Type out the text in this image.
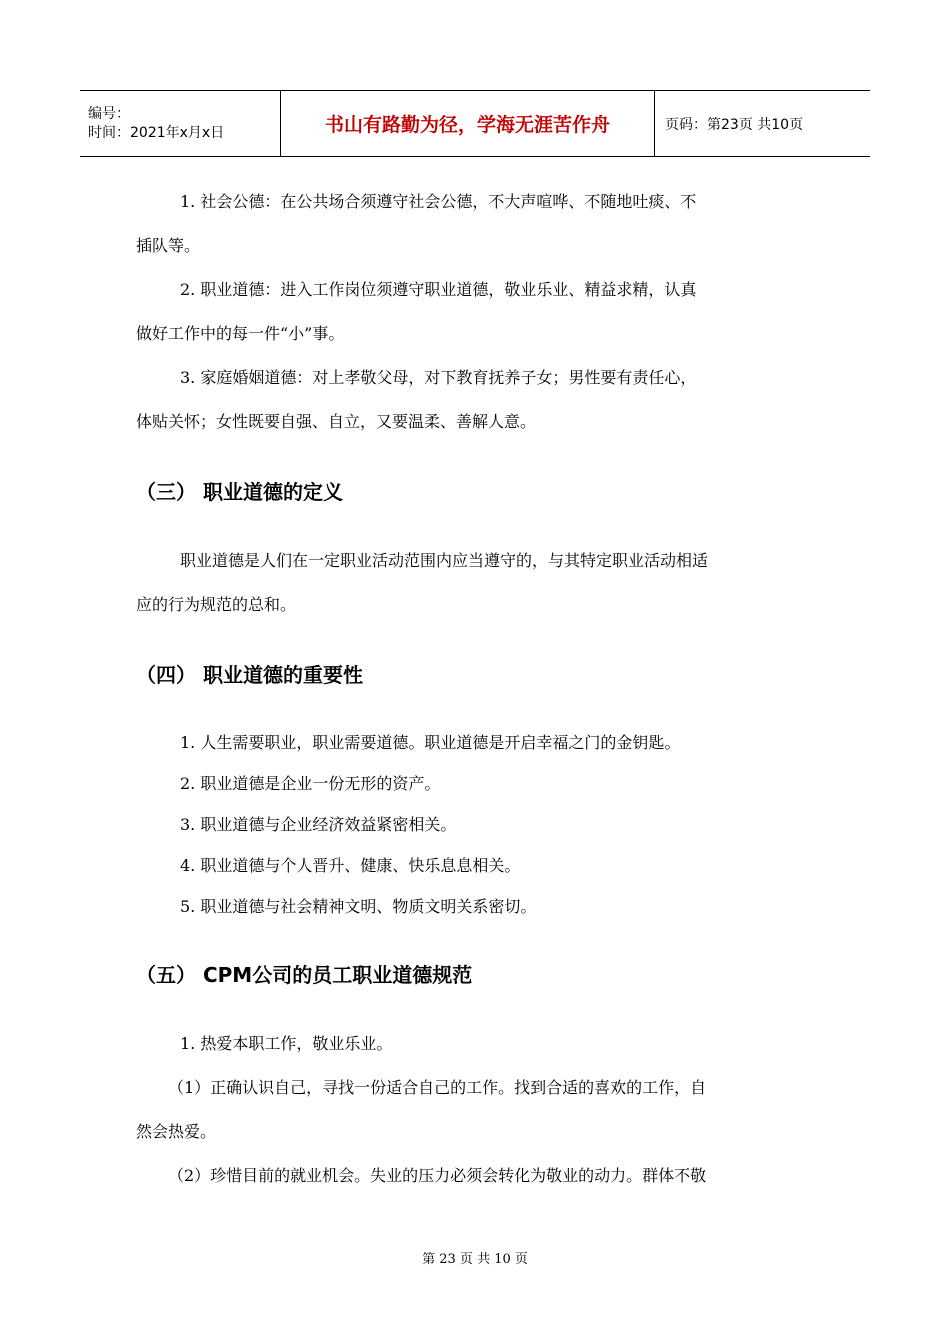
编号：
时间：2021年x月x日	书山有路勤为径，学海无涯苦作舟	页码：第23页 共10页

1. 社会公德：在公共场合须遵守社会公德，不大声喧哗、不随地吐痰、不

插队等。

2. 职业道德：进入工作岗位须遵守职业道德，敬业乐业、精益求精，认真

做好工作中的每一件“小”事。

3. 家庭婚姻道德：对上孝敬父母，对下教育抚养子女；男性要有责任心，

体贴关怀；女性既要自强、自立，又要温柔、善解人意。

（三） 职业道德的定义

职业道德是人们在一定职业活动范围内应当遵守的，与其特定职业活动相适

应的行为规范的总和。

（四） 职业道德的重要性

1. 人生需要职业，职业需要道德。职业道德是开启幸福之门的金钥匙。

2. 职业道德是企业一份无形的资产。

3. 职业道德与企业经济效益紧密相关。

4. 职业道德与个人晋升、健康、快乐息息相关。

5. 职业道德与社会精神文明、物质文明关系密切。

（五） CPM公司的员工职业道德规范

1. 热爱本职工作，敬业乐业。

（1）正确认识自己，寻找一份适合自己的工作。找到合适的喜欢的工作，自

然会热爱。

（2）珍惜目前的就业机会。失业的压力必须会转化为敬业的动力。群体不敬

第 23 页 共 10 页
